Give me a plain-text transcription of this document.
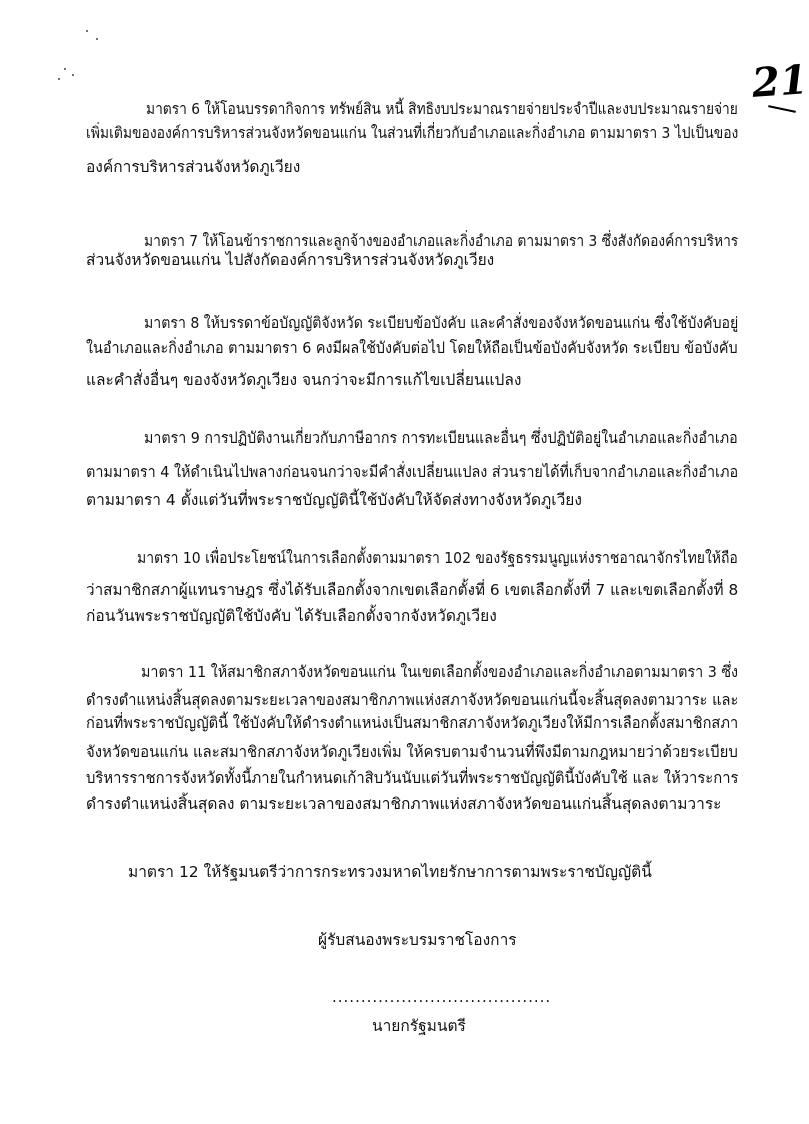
21
มาตรา 6 ให้โอนบรรดากิจการ ทรัพย์สิน หนี้ สิทธิงบประมาณรายจ่ายประจำปีและงบประมาณรายจ่าย
เพิ่มเติมขององค์การบริหารส่วนจังหวัดขอนแก่น ในส่วนที่เกี่ยวกับอำเภอและกิ่งอำเภอ ตามมาตรา 3 ไปเป็นของ
องค์การบริหารส่วนจังหวัดภูเวียง
มาตรา 7 ให้โอนข้าราชการและลูกจ้างของอำเภอและกิ่งอำเภอ ตามมาตรา 3 ซึ่งสังกัดองค์การบริหาร
ส่วนจังหวัดขอนแก่น ไปสังกัดองค์การบริหารส่วนจังหวัดภูเวียง
มาตรา 8 ให้บรรดาข้อบัญญัติจังหวัด ระเบียบข้อบังคับ และคำสั่งของจังหวัดขอนแก่น ซึ่งใช้บังคับอยู่
ในอำเภอและกิ่งอำเภอ ตามมาตรา 6 คงมีผลใช้บังคับต่อไป โดยให้ถือเป็นข้อบังคับจังหวัด ระเบียบ ข้อบังคับ
และคำสั่งอื่นๆ ของจังหวัดภูเวียง จนกว่าจะมีการแก้ไขเปลี่ยนแปลง
มาตรา 9 การปฏิบัติงานเกี่ยวกับภาษีอากร การทะเบียนและอื่นๆ ซึ่งปฏิบัติอยู่ในอำเภอและกิ่งอำเภอ
ตามมาตรา 4 ให้ดำเนินไปพลางก่อนจนกว่าจะมีคำสั่งเปลี่ยนแปลง ส่วนรายได้ที่เก็บจากอำเภอและกิ่งอำเภอ
ตามมาตรา 4 ตั้งแต่วันที่พระราชบัญญัตินี้ใช้บังคับให้จัดส่งทางจังหวัดภูเวียง
มาตรา 10 เพื่อประโยชน์ในการเลือกตั้งตามมาตรา 102 ของรัฐธรรมนูญแห่งราชอาณาจักรไทยให้ถือ
ว่าสมาชิกสภาผู้แทนราษฎร ซึ่งได้รับเลือกตั้งจากเขตเลือกตั้งที่ 6 เขตเลือกตั้งที่ 7 และเขตเลือกตั้งที่ 8
ก่อนวันพระราชบัญญัติใช้บังคับ ได้รับเลือกตั้งจากจังหวัดภูเวียง
มาตรา 11 ให้สมาชิกสภาจังหวัดขอนแก่น ในเขตเลือกตั้งของอำเภอและกิ่งอำเภอตามมาตรา 3 ซึ่ง
ดำรงตำแหน่งสิ้นสุดลงตามระยะเวลาของสมาชิกภาพแห่งสภาจังหวัดขอนแก่นนี้จะสิ้นสุดลงตามวาระ และ
ก่อนที่พระราชบัญญัตินี้ ใช้บังคับให้ดำรงตำแหน่งเป็นสมาชิกสภาจังหวัดภูเวียงให้มีการเลือกตั้งสมาชิกสภา
จังหวัดขอนแก่น และสมาชิกสภาจังหวัดภูเวียงเพิ่ม ให้ครบตามจำนวนที่พึงมีตามกฎหมายว่าด้วยระเบียบ
บริหารราชการจังหวัดทั้งนี้ภายในกำหนดเก้าสิบวันนับแต่วันที่พระราชบัญญัตินี้บังคับใช้ และ ให้วาระการ
ดำรงตำแหน่งสิ้นสุดลง ตามระยะเวลาของสมาชิกภาพแห่งสภาจังหวัดขอนแก่นสิ้นสุดลงตามวาระ
มาตรา 12 ให้รัฐมนตรีว่าการกระทรวงมหาดไทยรักษาการตามพระราชบัญญัตินี้
ผู้รับสนองพระบรมราชโองการ
......................................
นายกรัฐมนตรี
